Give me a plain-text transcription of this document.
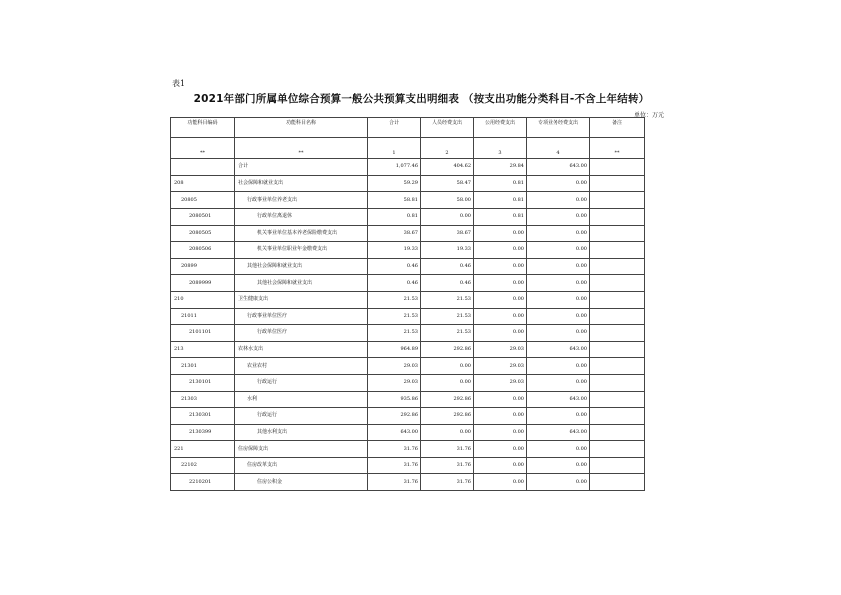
表1
2021年部门所属单位综合预算一般公共预算支出明细表 （按支出功能分类科目-不含上年结转）
单位：万元
功能科目编码	功能科目名称	合计	人员经费支出	公用经费支出	专项业务经费支出	备注
**	**	1	2	3	4	**
	合计	1,077.46	404.62	29.84	643.00	
208	社会保障和就业支出	59.29	58.47	0.81	0.00	
20805	行政事业单位养老支出	58.81	58.00	0.81	0.00	
2080501	行政单位离退休	0.81	0.00	0.81	0.00	
2080505	机关事业单位基本养老保险缴费支出	38.67	38.67	0.00	0.00	
2080506	机关事业单位职业年金缴费支出	19.33	19.33	0.00	0.00	
20899	其他社会保障和就业支出	0.46	0.46	0.00	0.00	
2089999	其他社会保障和就业支出	0.46	0.46	0.00	0.00	
210	卫生健康支出	21.53	21.53	0.00	0.00	
21011	行政事业单位医疗	21.53	21.53	0.00	0.00	
2101101	行政单位医疗	21.53	21.53	0.00	0.00	
213	农林水支出	964.89	292.86	29.03	643.00	
21301	农业农村	29.03	0.00	29.03	0.00	
2130101	行政运行	29.03	0.00	29.03	0.00	
21303	水利	935.86	292.86	0.00	643.00	
2130301	行政运行	292.86	292.86	0.00	0.00	
2130399	其他水利支出	643.00	0.00	0.00	643.00	
221	住房保障支出	31.76	31.76	0.00	0.00	
22102	住房改革支出	31.76	31.76	0.00	0.00	
2210201	住房公积金	31.76	31.76	0.00	0.00	
